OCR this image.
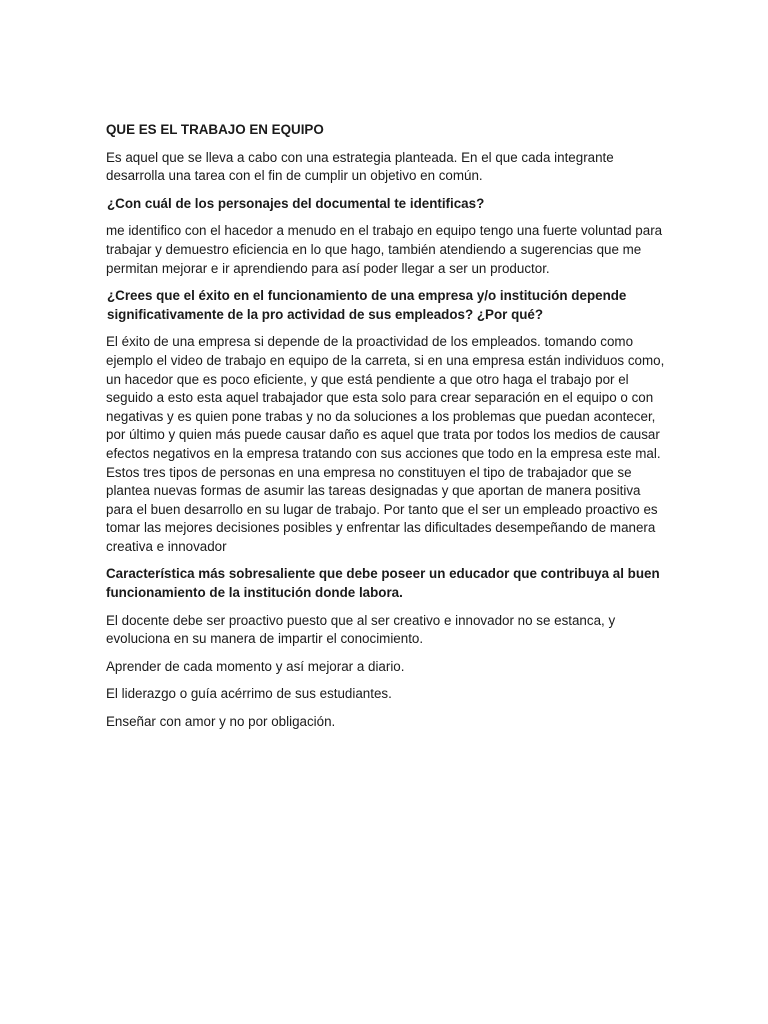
QUE ES EL TRABAJO EN EQUIPO

Es aquel que se lleva a cabo con una estrategia planteada. En el que cada integrante desarrolla una tarea con el fin de cumplir un objetivo en común.

¿Con cuál de los personajes del documental te identificas?

me identifico con el hacedor a menudo en el trabajo en equipo tengo una fuerte voluntad para trabajar y demuestro eficiencia en lo que hago, también atendiendo a sugerencias que me permitan mejorar e ir aprendiendo para así poder llegar a ser un productor.

¿Crees que el éxito en el funcionamiento de una empresa y/o institución depende significativamente de la pro actividad de sus empleados? ¿Por qué?

El éxito de una empresa si depende de la proactividad de los empleados. tomando como ejemplo el video de trabajo en equipo de la carreta, si en una empresa están individuos como, un hacedor que es poco eficiente, y que está pendiente a que otro haga el trabajo por el seguido a esto esta aquel trabajador que esta solo para crear separación en el equipo o con negativas y es quien pone trabas y no da soluciones a los problemas que puedan acontecer, por último y quien más puede causar daño es aquel que trata por todos los medios de causar efectos negativos en la empresa tratando con sus acciones que todo en la empresa este mal. Estos tres tipos de personas en una empresa no constituyen el tipo de trabajador que se plantea nuevas formas de asumir las tareas designadas y que aportan de manera positiva para el buen desarrollo en su lugar de trabajo. Por tanto que el ser un empleado proactivo es tomar las mejores decisiones posibles y enfrentar las dificultades desempeñando de manera creativa e innovador

Característica más sobresaliente que debe poseer un educador que contribuya al buen funcionamiento de la institución donde labora.

El docente debe ser proactivo puesto que al ser creativo e innovador no se estanca, y evoluciona en su manera de impartir el conocimiento.

Aprender de cada momento y así mejorar a diario.

El liderazgo o guía acérrimo de sus estudiantes.

Enseñar con amor y no por obligación.
